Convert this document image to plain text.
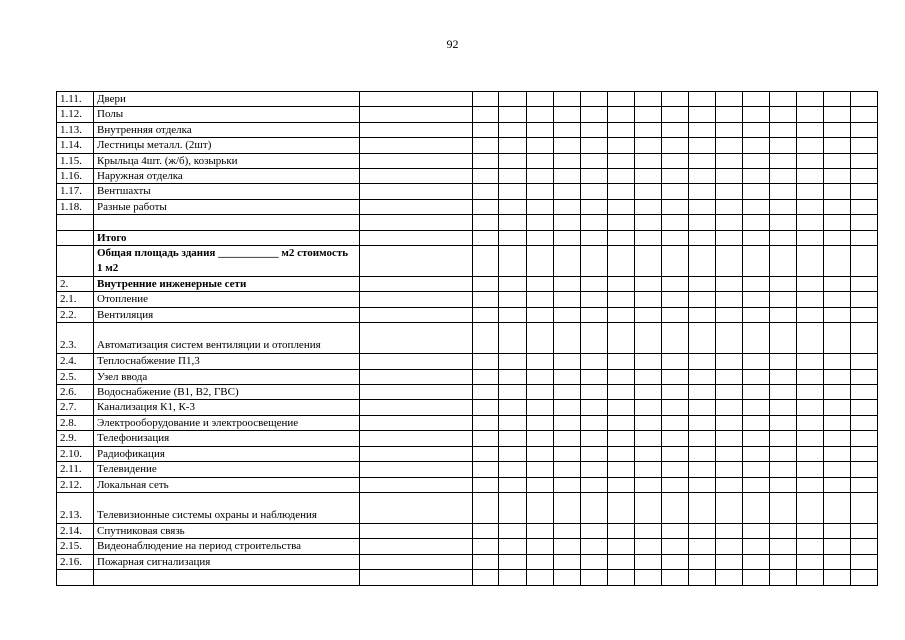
92
1.11.	Двери																
1.12.	Полы																
1.13.	Внутренняя отделка																
1.14.	Лестницы металл. (2шт)																
1.15.	Крыльца 4шт. (ж/б), козырьки																
1.16.	Наружная отделка																
1.17.	Вентшахты																
1.18.	Разные работы																

	Итого																
	Общая площадь здания ___________ м2 стоимость 1 м2																
2.	Внутренние инженерные сети																
2.1.	Отопление																
2.2.	Вентиляция																
2.3.	Автоматизация систем вентиляции и отопления																
2.4.	Теплоснабжение П1,3																
2.5.	Узел ввода																
2.6.	Водоснабжение (В1, В2, ГВС)																
2.7.	Канализация К1, К-3																
2.8.	Электрооборудование и электроосвещение																
2.9.	Телефонизация																
2.10.	Радиофикация																
2.11.	Телевидение																
2.12.	Локальная сеть																
2.13.	Телевизионные системы охраны и наблюдения																
2.14.	Спутниковая связь																
2.15.	Видеонаблюдение на период строительства																
2.16.	Пожарная сигнализация																
